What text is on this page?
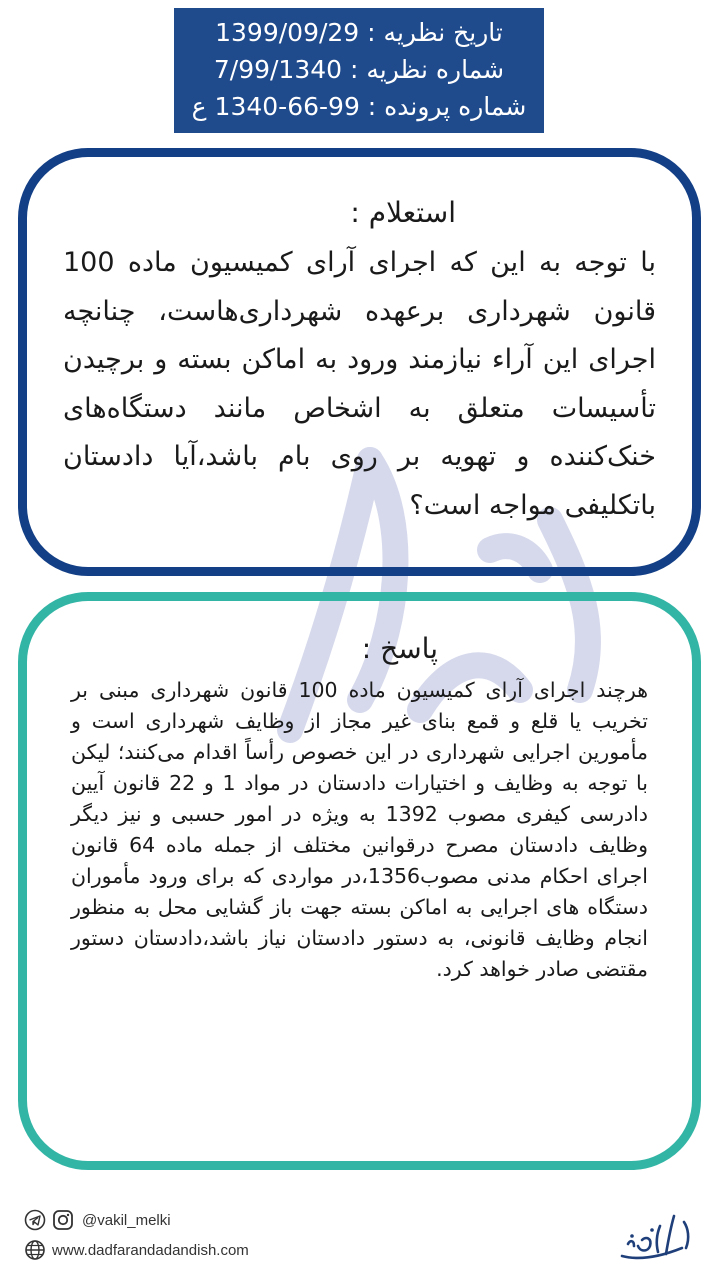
تاریخ نظریه : 1399/09/29
شماره نظریه : 7/99/1340
شماره پرونده : 99-66-1340 ع
استعلام :
با توجه به این که اجرای آرای کمیسیون ماده 100 قانون شهرداری برعهده شهرداری‌هاست، چنانچه اجرای این آراء نیازمند ورود به اماکن بسته و برچیدن تأسیسات متعلق به اشخاص مانند دستگاه‌های خنک‌کننده و تهویه بر روی بام باشد،آیا دادستان باتکلیفی مواجه است؟
پاسخ :
هرچند اجرای آرای کمیسیون ماده 100 قانون شهرداری مبنی بر تخریب یا قلع و قمع بنای غیر مجاز از وظایف شهرداری است و مأمورین اجرایی شهرداری در این خصوص رأساً اقدام می‌کنند؛ لیکن با توجه به وظایف و اختیارات دادستان در مواد 1 و 22 قانون آیین دادرسی کیفری مصوب 1392 به ویژه در امور حسبی و نیز دیگر وظایف دادستان مصرح درقوانین مختلف از جمله ماده 64 قانون اجرای احکام مدنی مصوب1356،در مواردی که برای ورود مأموران دستگاه های اجرایی به اماکن بسته جهت باز گشایی محل به منظور انجام وظایف قانونی، به دستور دادستان نیاز باشد،دادستان دستور مقتضی صادر خواهد کرد.
@vakil_melki
www.dadfarandadandish.com
